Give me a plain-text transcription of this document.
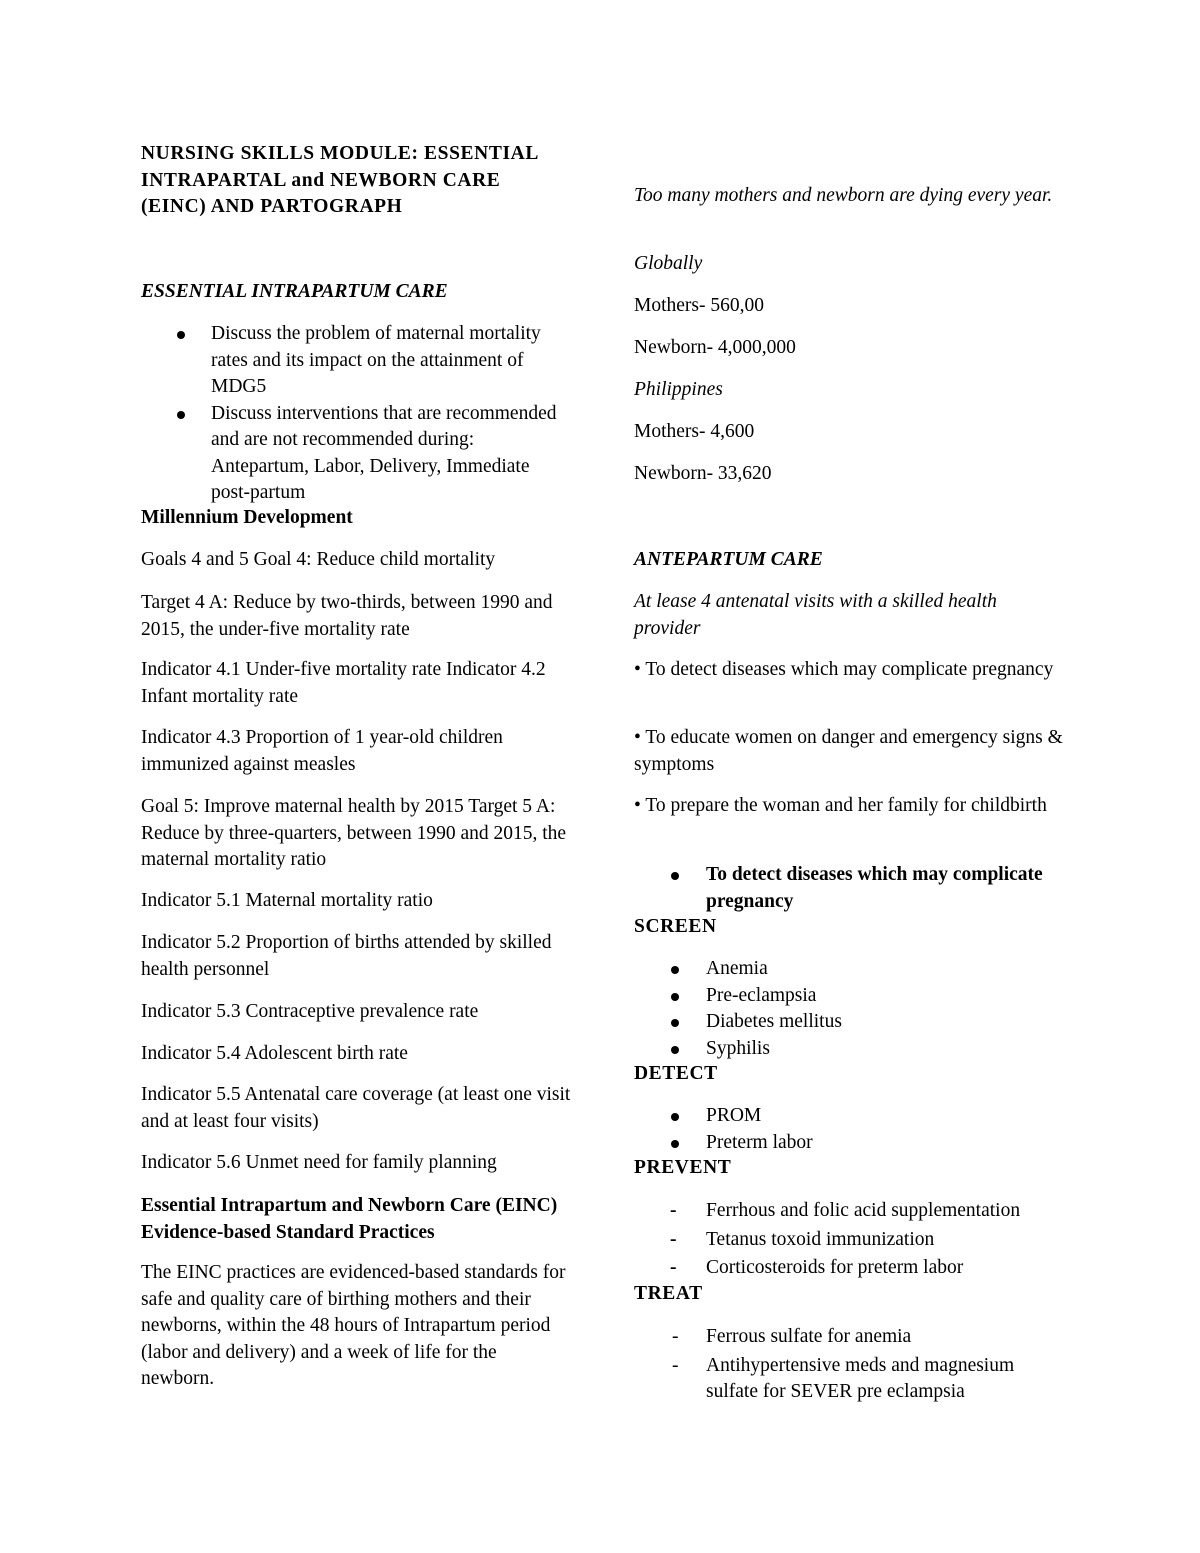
NURSING SKILLS MODULE: ESSENTIAL INTRAPARTAL and NEWBORN CARE (EINC) AND PARTOGRAPH

ESSENTIAL INTRAPARTUM CARE

Discuss the problem of maternal mortality rates and its impact on the attainment of MDG5
Discuss interventions that are recommended and are not recommended during: Antepartum, Labor, Delivery, Immediate post-partum

Millennium Development

Goals 4 and 5 Goal 4: Reduce child mortality

Target 4 A: Reduce by two-thirds, between 1990 and 2015, the under-five mortality rate

Indicator 4.1 Under-five mortality rate Indicator 4.2 Infant mortality rate

Indicator 4.3 Proportion of 1 year-old children immunized against measles

Goal 5: Improve maternal health by 2015 Target 5 A: Reduce by three-quarters, between 1990 and 2015, the maternal mortality ratio

Indicator 5.1 Maternal mortality ratio

Indicator 5.2 Proportion of births attended by skilled health personnel

Indicator 5.3 Contraceptive prevalence rate

Indicator 5.4 Adolescent birth rate

Indicator 5.5 Antenatal care coverage (at least one visit and at least four visits)

Indicator 5.6 Unmet need for family planning

Essential Intrapartum and Newborn Care (EINC) Evidence-based Standard Practices

The EINC practices are evidenced-based standards for safe and quality care of birthing mothers and their newborns, within the 48 hours of Intrapartum period (labor and delivery) and a week of life for the newborn.

Too many mothers and newborn are dying every year.

Globally

Mothers- 560,00

Newborn- 4,000,000

Philippines

Mothers- 4,600

Newborn- 33,620

ANTEPARTUM CARE

At lease 4 antenatal visits with a skilled health provider

• To detect diseases which may complicate pregnancy

• To educate women on danger and emergency signs & symptoms

• To prepare the woman and her family for childbirth

To detect diseases which may complicate pregnancy

SCREEN

Anemia
Pre-eclampsia
Diabetes mellitus
Syphilis

DETECT

PROM
Preterm labor

PREVENT

- Ferrhous and folic acid supplementation
- Tetanus toxoid immunization
- Corticosteroids for preterm labor

TREAT

- Ferrous sulfate for anemia
- Antihypertensive meds and magnesium sulfate for SEVER pre eclampsia
